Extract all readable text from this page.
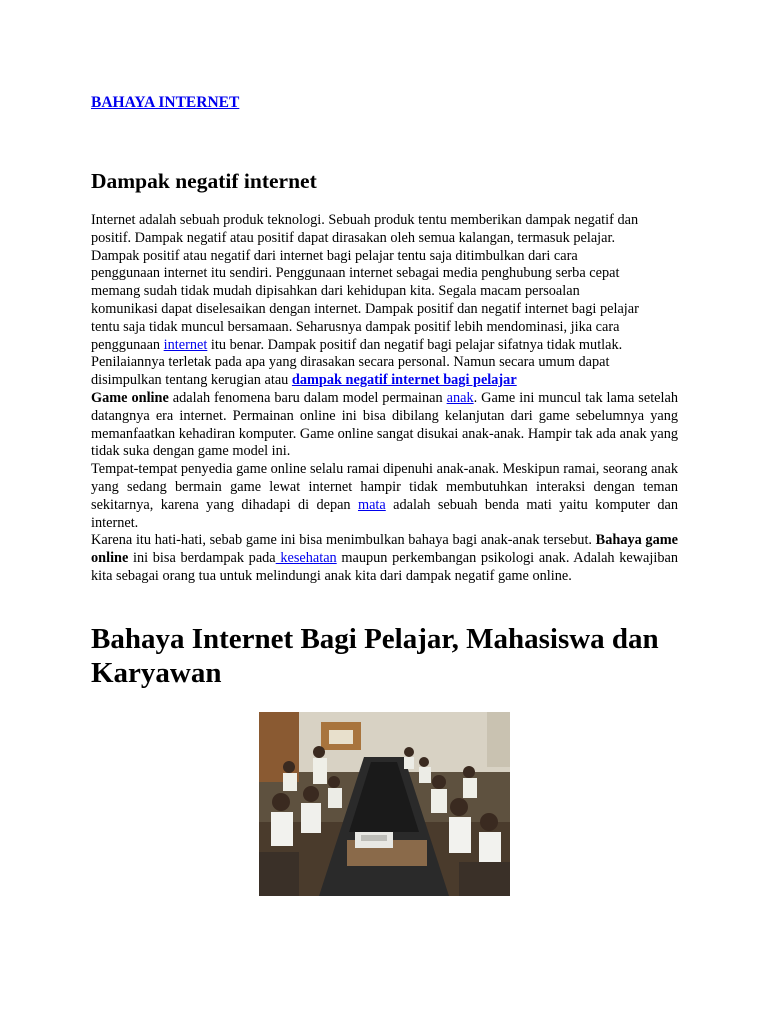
BAHAYA INTERNET
Dampak negatif internet

Internet adalah sebuah produk teknologi. Sebuah produk tentu memberikan dampak negatif dan
positif. Dampak negatif atau positif dapat dirasakan oleh semua kalangan, termasuk pelajar.
Dampak positif atau negatif dari internet bagi pelajar tentu saja ditimbulkan dari cara
penggunaan internet itu sendiri. Penggunaan internet sebagai media penghubung serba cepat
memang sudah tidak mudah dipisahkan dari kehidupan kita. Segala macam persoalan
komunikasi dapat diselesaikan dengan internet. Dampak positif dan negatif internet bagi pelajar
tentu saja tidak muncul bersamaan. Seharusnya dampak positif lebih mendominasi, jika cara
penggunaan internet itu benar. Dampak positif dan negatif bagi pelajar sifatnya tidak mutlak.
Penilaiannya terletak pada apa yang dirasakan secara personal. Namun secara umum dapat
disimpulkan tentang kerugian atau dampak negatif internet bagi pelajar

Game online adalah fenomena baru dalam model permainan anak. Game ini muncul tak lama setelah datangnya era internet. Permainan online ini bisa dibilang kelanjutan dari game sebelumnya yang memanfaatkan kehadiran komputer. Game online sangat disukai anak-anak. Hampir tak ada anak yang tidak suka dengan game model ini.

Tempat-tempat penyedia game online selalu ramai dipenuhi anak-anak. Meskipun ramai, seorang anak yang sedang bermain game lewat internet hampir tidak membutuhkan interaksi dengan teman sekitarnya, karena yang dihadapi di depan mata adalah sebuah benda mati yaitu komputer dan internet.

Karena itu hati-hati, sebab game ini bisa menimbulkan bahaya bagi anak-anak tersebut. Bahaya game online ini bisa berdampak pada kesehatan maupun perkembangan psikologi anak. Adalah kewajiban kita sebagai orang tua untuk melindungi anak kita dari dampak negatif game online.

Bahaya Internet Bagi Pelajar, Mahasiswa dan Karyawan
